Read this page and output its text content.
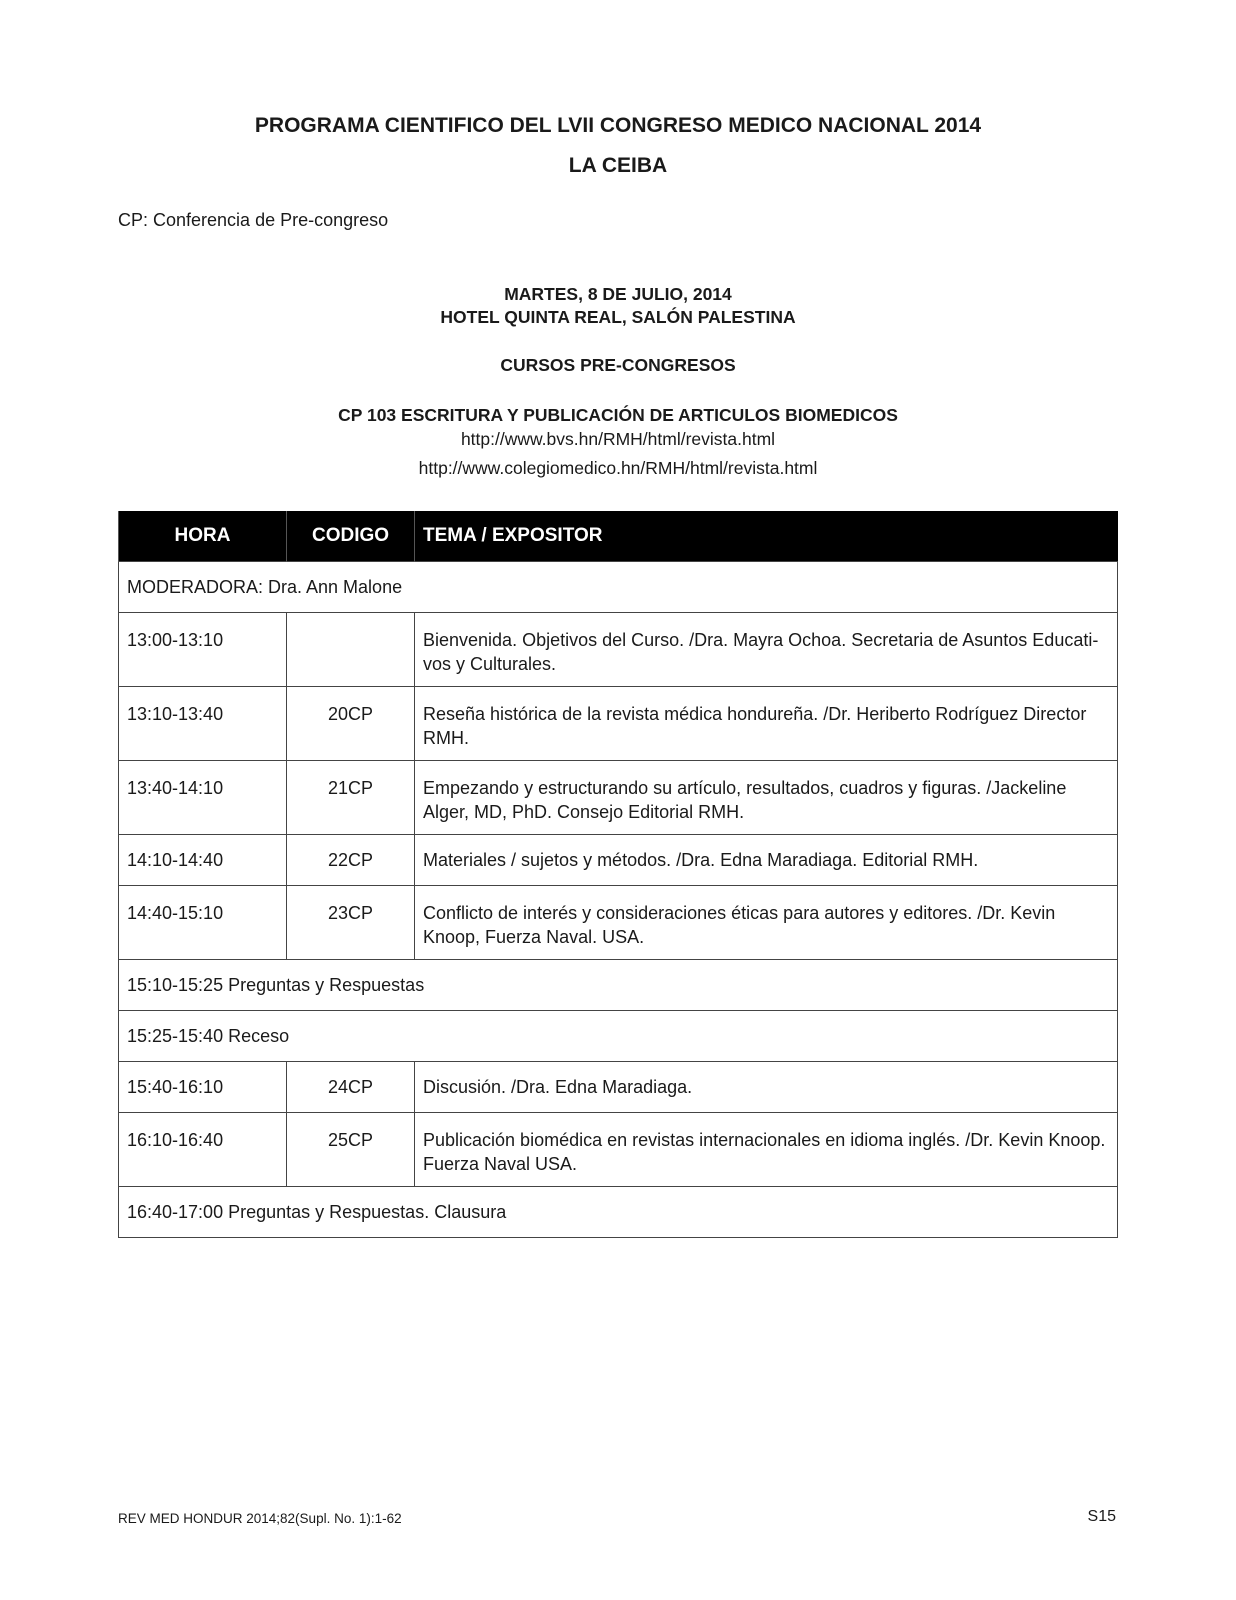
PROGRAMA CIENTIFICO DEL LVII CONGRESO MEDICO NACIONAL 2014
LA CEIBA
CP: Conferencia de Pre-congreso
MARTES, 8 DE JULIO, 2014
HOTEL QUINTA REAL, SALÓN PALESTINA
CURSOS PRE-CONGRESOS
CP 103 ESCRITURA Y PUBLICACIÓN DE ARTICULOS BIOMEDICOS
http://www.bvs.hn/RMH/html/revista.html
http://www.colegiomedico.hn/RMH/html/revista.html
HORA	CODIGO	TEMA / EXPOSITOR
MODERADORA: Dra. Ann Malone		
13:00-13:10		Bienvenida. Objetivos del Curso. /Dra. Mayra Ochoa. Secretaria de Asuntos Educati-vos y Culturales.
13:10-13:40	20CP	Reseña histórica de la revista médica hondureña. /Dr. Heriberto Rodríguez Director RMH.
13:40-14:10	21CP	Empezando y estructurando su artículo, resultados, cuadros y figuras. /Jackeline Alger, MD, PhD. Consejo Editorial RMH.
14:10-14:40	22CP	Materiales / sujetos y métodos. /Dra. Edna Maradiaga. Editorial RMH.
14:40-15:10	23CP	Conflicto de interés y consideraciones éticas para autores y editores. /Dr. Kevin Knoop, Fuerza Naval. USA.
15:10-15:25 Preguntas y Respuestas		
15:25-15:40 Receso		
15:40-16:10	24CP	Discusión. /Dra. Edna Maradiaga.
16:10-16:40	25CP	Publicación biomédica en revistas internacionales en idioma inglés. /Dr. Kevin Knoop. Fuerza Naval USA.
16:40-17:00 Preguntas y Respuestas. Clausura		
REV MED HONDUR 2014;82(Supl. No. 1):1-62	S15
